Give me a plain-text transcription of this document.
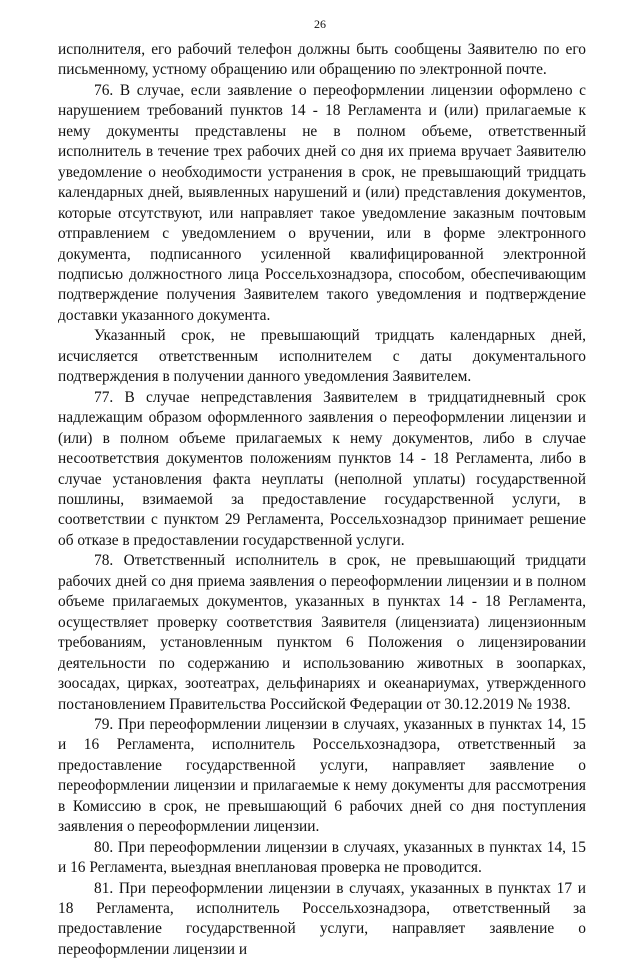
26

исполнителя, его рабочий телефон должны быть сообщены Заявителю по его письменному, устному обращению или обращению по электронной почте.

76. В случае, если заявление о переоформлении лицензии оформлено с нарушением требований пунктов 14 - 18 Регламента и (или) прилагаемые к нему документы представлены не в полном объеме, ответственный исполнитель в течение трех рабочих дней со дня их приема вручает Заявителю уведомление о необходимости устранения в срок, не превышающий тридцать календарных дней, выявленных нарушений и (или) представления документов, которые отсутствуют, или направляет такое уведомление заказным почтовым отправлением с уведомлением о вручении, или в форме электронного документа, подписанного усиленной квалифицированной электронной подписью должностного лица Россельхознадзора, способом, обеспечивающим подтверждение получения Заявителем такого уведомления и подтверждение доставки указанного документа.

Указанный срок, не превышающий тридцать календарных дней, исчисляется ответственным исполнителем с даты документального подтверждения в получении данного уведомления Заявителем.

77. В случае непредставления Заявителем в тридцатидневный срок надлежащим образом оформленного заявления о переоформлении лицензии и (или) в полном объеме прилагаемых к нему документов, либо в случае несоответствия документов положениям пунктов 14 - 18 Регламента, либо в случае установления факта неуплаты (неполной уплаты) государственной пошлины, взимаемой за предоставление государственной услуги, в соответствии с пунктом 29 Регламента, Россельхознадзор принимает решение об отказе в предоставлении государственной услуги.

78. Ответственный исполнитель в срок, не превышающий тридцати рабочих дней со дня приема заявления о переоформлении лицензии и в полном объеме прилагаемых документов, указанных в пунктах 14 - 18 Регламента, осуществляет проверку соответствия Заявителя (лицензиата) лицензионным требованиям, установленным пунктом 6 Положения о лицензировании деятельности по содержанию и использованию животных в зоопарках, зоосадах, цирках, зоотеатрах, дельфинариях и океанариумах, утвержденного постановлением Правительства Российской Федерации от 30.12.2019 № 1938.

79. При переоформлении лицензии в случаях, указанных в пунктах 14, 15 и 16 Регламента, исполнитель Россельхознадзора, ответственный за предоставление государственной услуги, направляет заявление о переоформлении лицензии и прилагаемые к нему документы для рассмотрения в Комиссию в срок, не превышающий 6 рабочих дней со дня поступления заявления о переоформлении лицензии.

80. При переоформлении лицензии в случаях, указанных в пунктах 14, 15 и 16 Регламента, выездная внеплановая проверка не проводится.

81. При переоформлении лицензии в случаях, указанных в пунктах 17 и 18 Регламента, исполнитель Россельхознадзора, ответственный за предоставление государственной услуги, направляет заявление о переоформлении лицензии и
